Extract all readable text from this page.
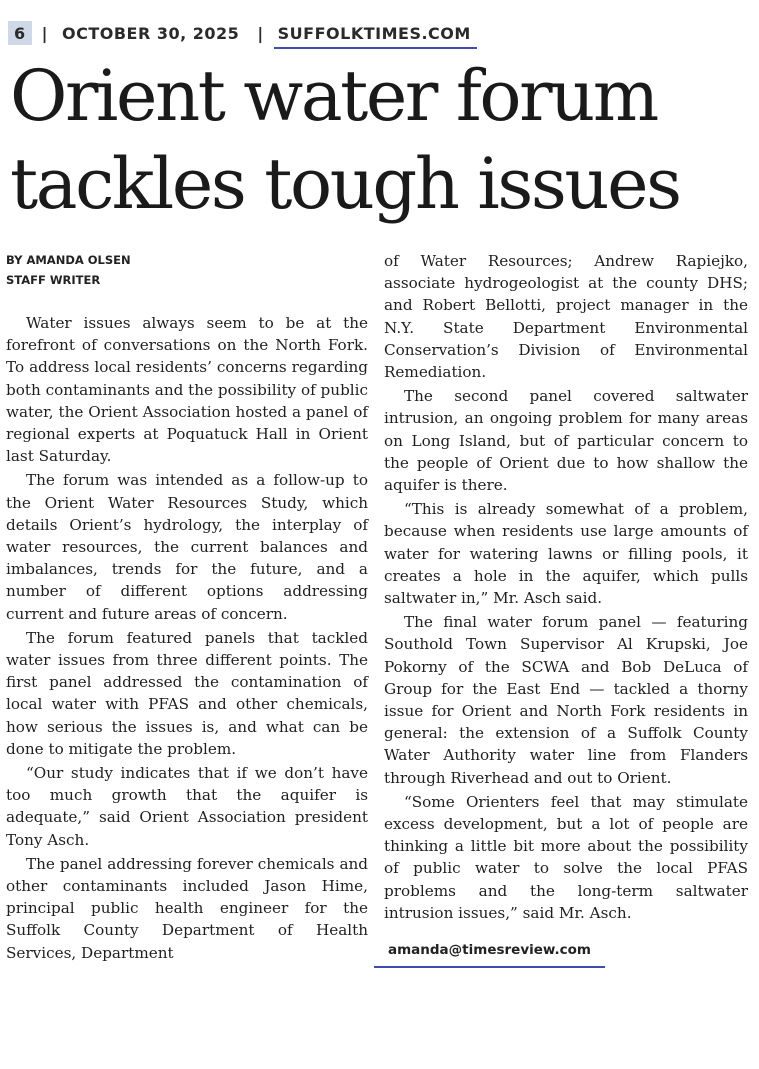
6	| OCTOBER 30, 2025 | SUFFOLKTIMES.COM
Orient water forum
tackles tough issues
BY AMANDA OLSEN
STAFF WRITER

Water issues always seem to be at the forefront of conversations on the North Fork. To address local residents’ concerns regarding both contaminants and the possibility of public water, the Orient Association hosted a panel of regional experts at Poquatuck Hall in Orient last Saturday.

The forum was intended as a follow-up to the Orient Water Resources Study, which details Orient’s hydrology, the interplay of water resources, the current balances and imbalances, trends for the future, and a number of different options addressing current and future areas of concern.

The forum featured panels that tackled water issues from three different points. The first panel addressed the contamination of local water with PFAS and other chemicals, how serious the issues is, and what can be done to mitigate the problem.

“Our study indicates that if we don’t have too much growth that the aquifer is adequate,” said Orient Association president Tony Asch.

The panel addressing forever chemicals and other contaminants included Jason Hime, principal public health engineer for the Suffolk County Department of Health Services, Department

of Water Resources; Andrew Rapiejko, associate hydrogeologist at the county DHS; and Robert Bellotti, project manager in the N.Y. State Department Environmental Conservation’s Division of Environmental Remediation.

The second panel covered saltwater intrusion, an ongoing problem for many areas on Long Island, but of particular concern to the people of Orient due to how shallow the aquifer is there.

“This is already somewhat of a problem, because when residents use large amounts of water for watering lawns or filling pools, it creates a hole in the aquifer, which pulls saltwater in,” Mr. Asch said.

The final water forum panel — featuring Southold Town Supervisor Al Krupski, Joe Pokorny of the SCWA and Bob DeLuca of Group for the East End — tackled a thorny issue for Orient and North Fork residents in general: the extension of a Suffolk County Water Authority water line from Flanders through Riverhead and out to Orient.

“Some Orienters feel that may stimulate excess development, but a lot of people are thinking a little bit more about the possibility of public water to solve the local PFAS problems and the long-term saltwater intrusion issues,” said Mr. Asch.

amanda@timesreview.com
